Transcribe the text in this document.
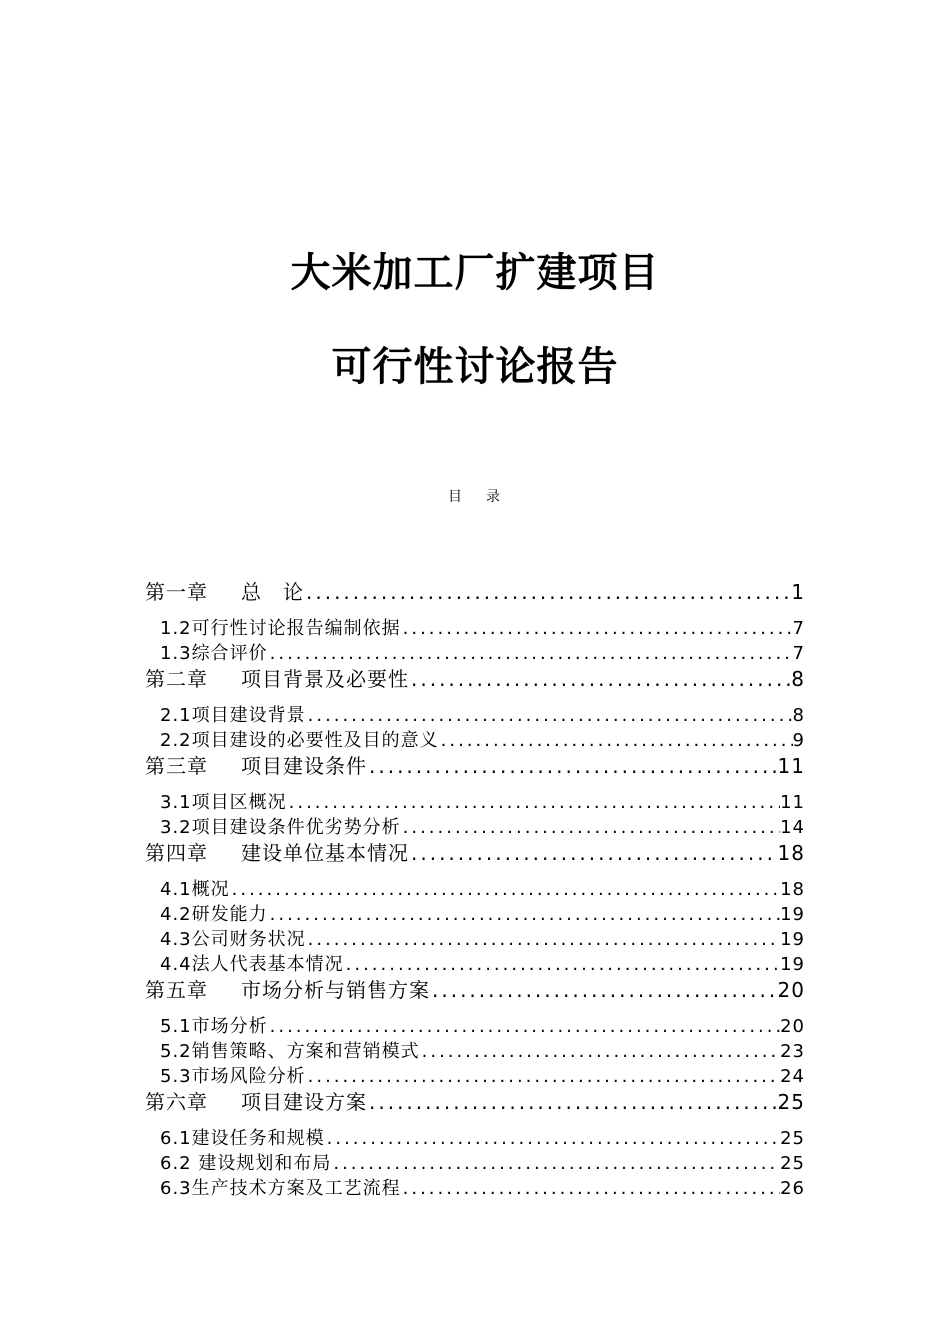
大米加工厂扩建项目
可行性讨论报告
目 录
第一章 总　论 .....	1
1.2可行性讨论报告编制依据 .....	7
1.3综合评价 .....	7
第二章 项目背景及必要性 .....	8
2.1项目建设背景 .....	8
2.2项目建设的必要性及目的意义 .....	9
第三章 项目建设条件 .....	11
3.1项目区概况 .....	11
3.2项目建设条件优劣势分析 .....	14
第四章 建设单位基本情况 .....	18
4.1概况 .....	18
4.2研发能力 .....	19
4.3公司财务状况 .....	19
4.4法人代表基本情况 .....	19
第五章 市场分析与销售方案 .....	20
5.1市场分析 .....	20
5.2销售策略、方案和营销模式 .....	23
5.3市场风险分析 .....	24
第六章 项目建设方案 .....	25
6.1建设任务和规模 .....	25
6.2 建设规划和布局 .....	25
6.3生产技术方案及工艺流程 .....	26
